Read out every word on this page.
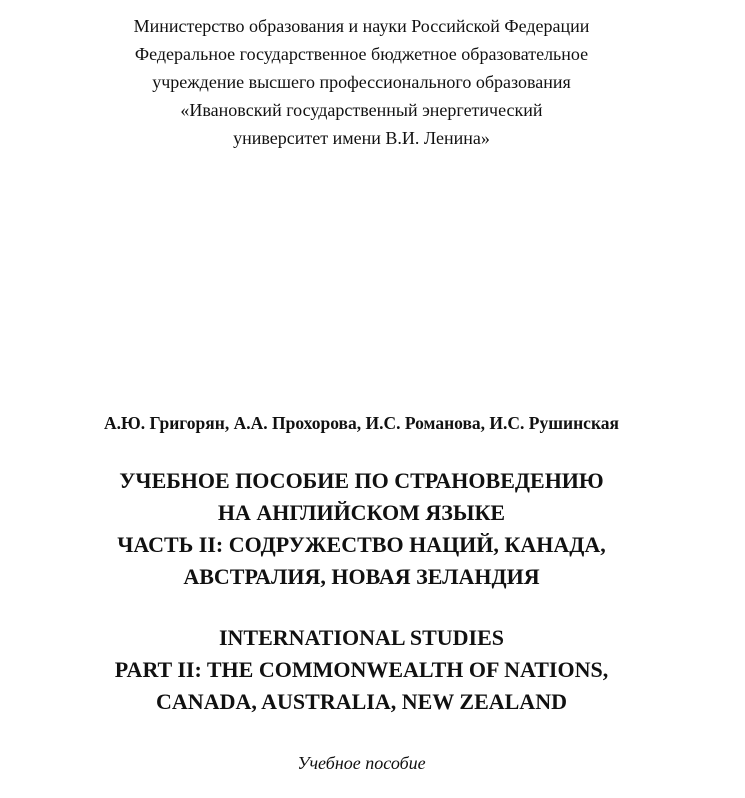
Министерство образования и науки Российской Федерации
Федеральное государственное бюджетное образовательное
учреждение высшего профессионального образования
«Ивановский государственный энергетический
университет имени В.И. Ленина»
А.Ю. Григорян, А.А. Прохорова, И.С. Романова, И.С. Рушинская
УЧЕБНОЕ ПОСОБИЕ ПО СТРАНОВЕДЕНИЮ
НА АНГЛИЙСКОМ ЯЗЫКЕ
ЧАСТЬ II: СОДРУЖЕСТВО НАЦИЙ, КАНАДА,
АВСТРАЛИЯ, НОВАЯ ЗЕЛАНДИЯ
INTERNATIONAL STUDIES
PART II: THE COMMONWEALTH OF NATIONS,
CANADA, AUSTRALIA, NEW ZEALAND
Учебное пособие
